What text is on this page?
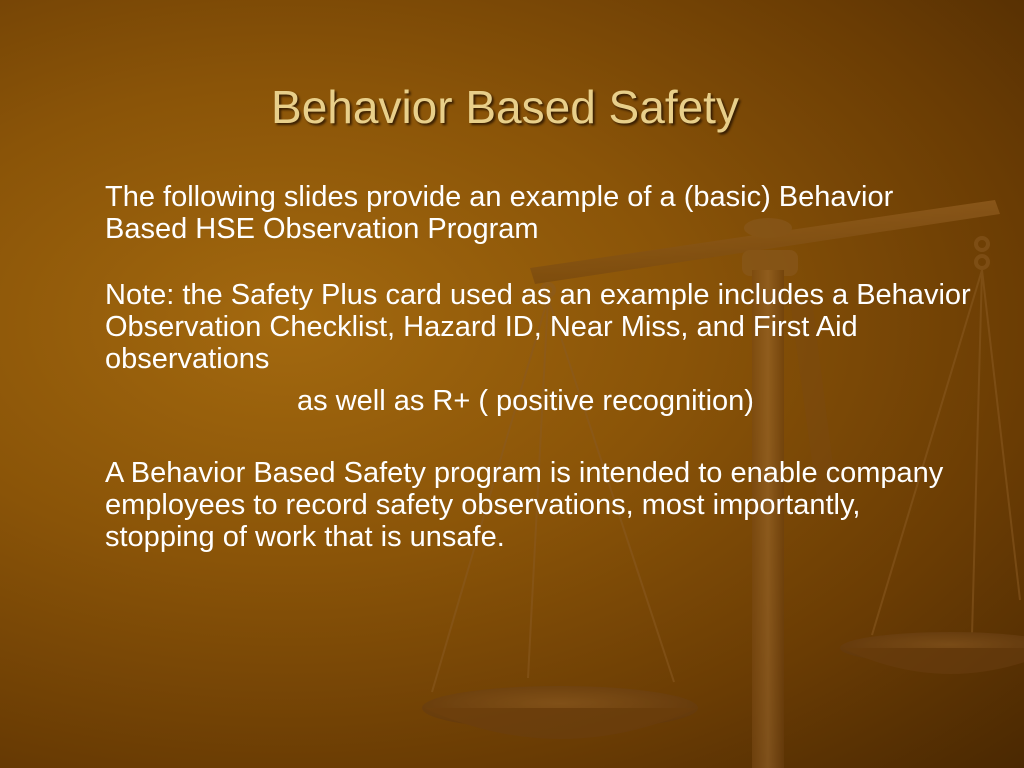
Behavior Based Safety

The following slides provide an example of a (basic) Behavior Based HSE Observation Program

Note: the Safety Plus card used as an example includes a Behavior Observation Checklist, Hazard ID, Near Miss, and First Aid observations

as well as R+ ( positive recognition)

A Behavior Based Safety program is intended to enable company employees to record safety observations, most importantly, stopping of work that is unsafe.
